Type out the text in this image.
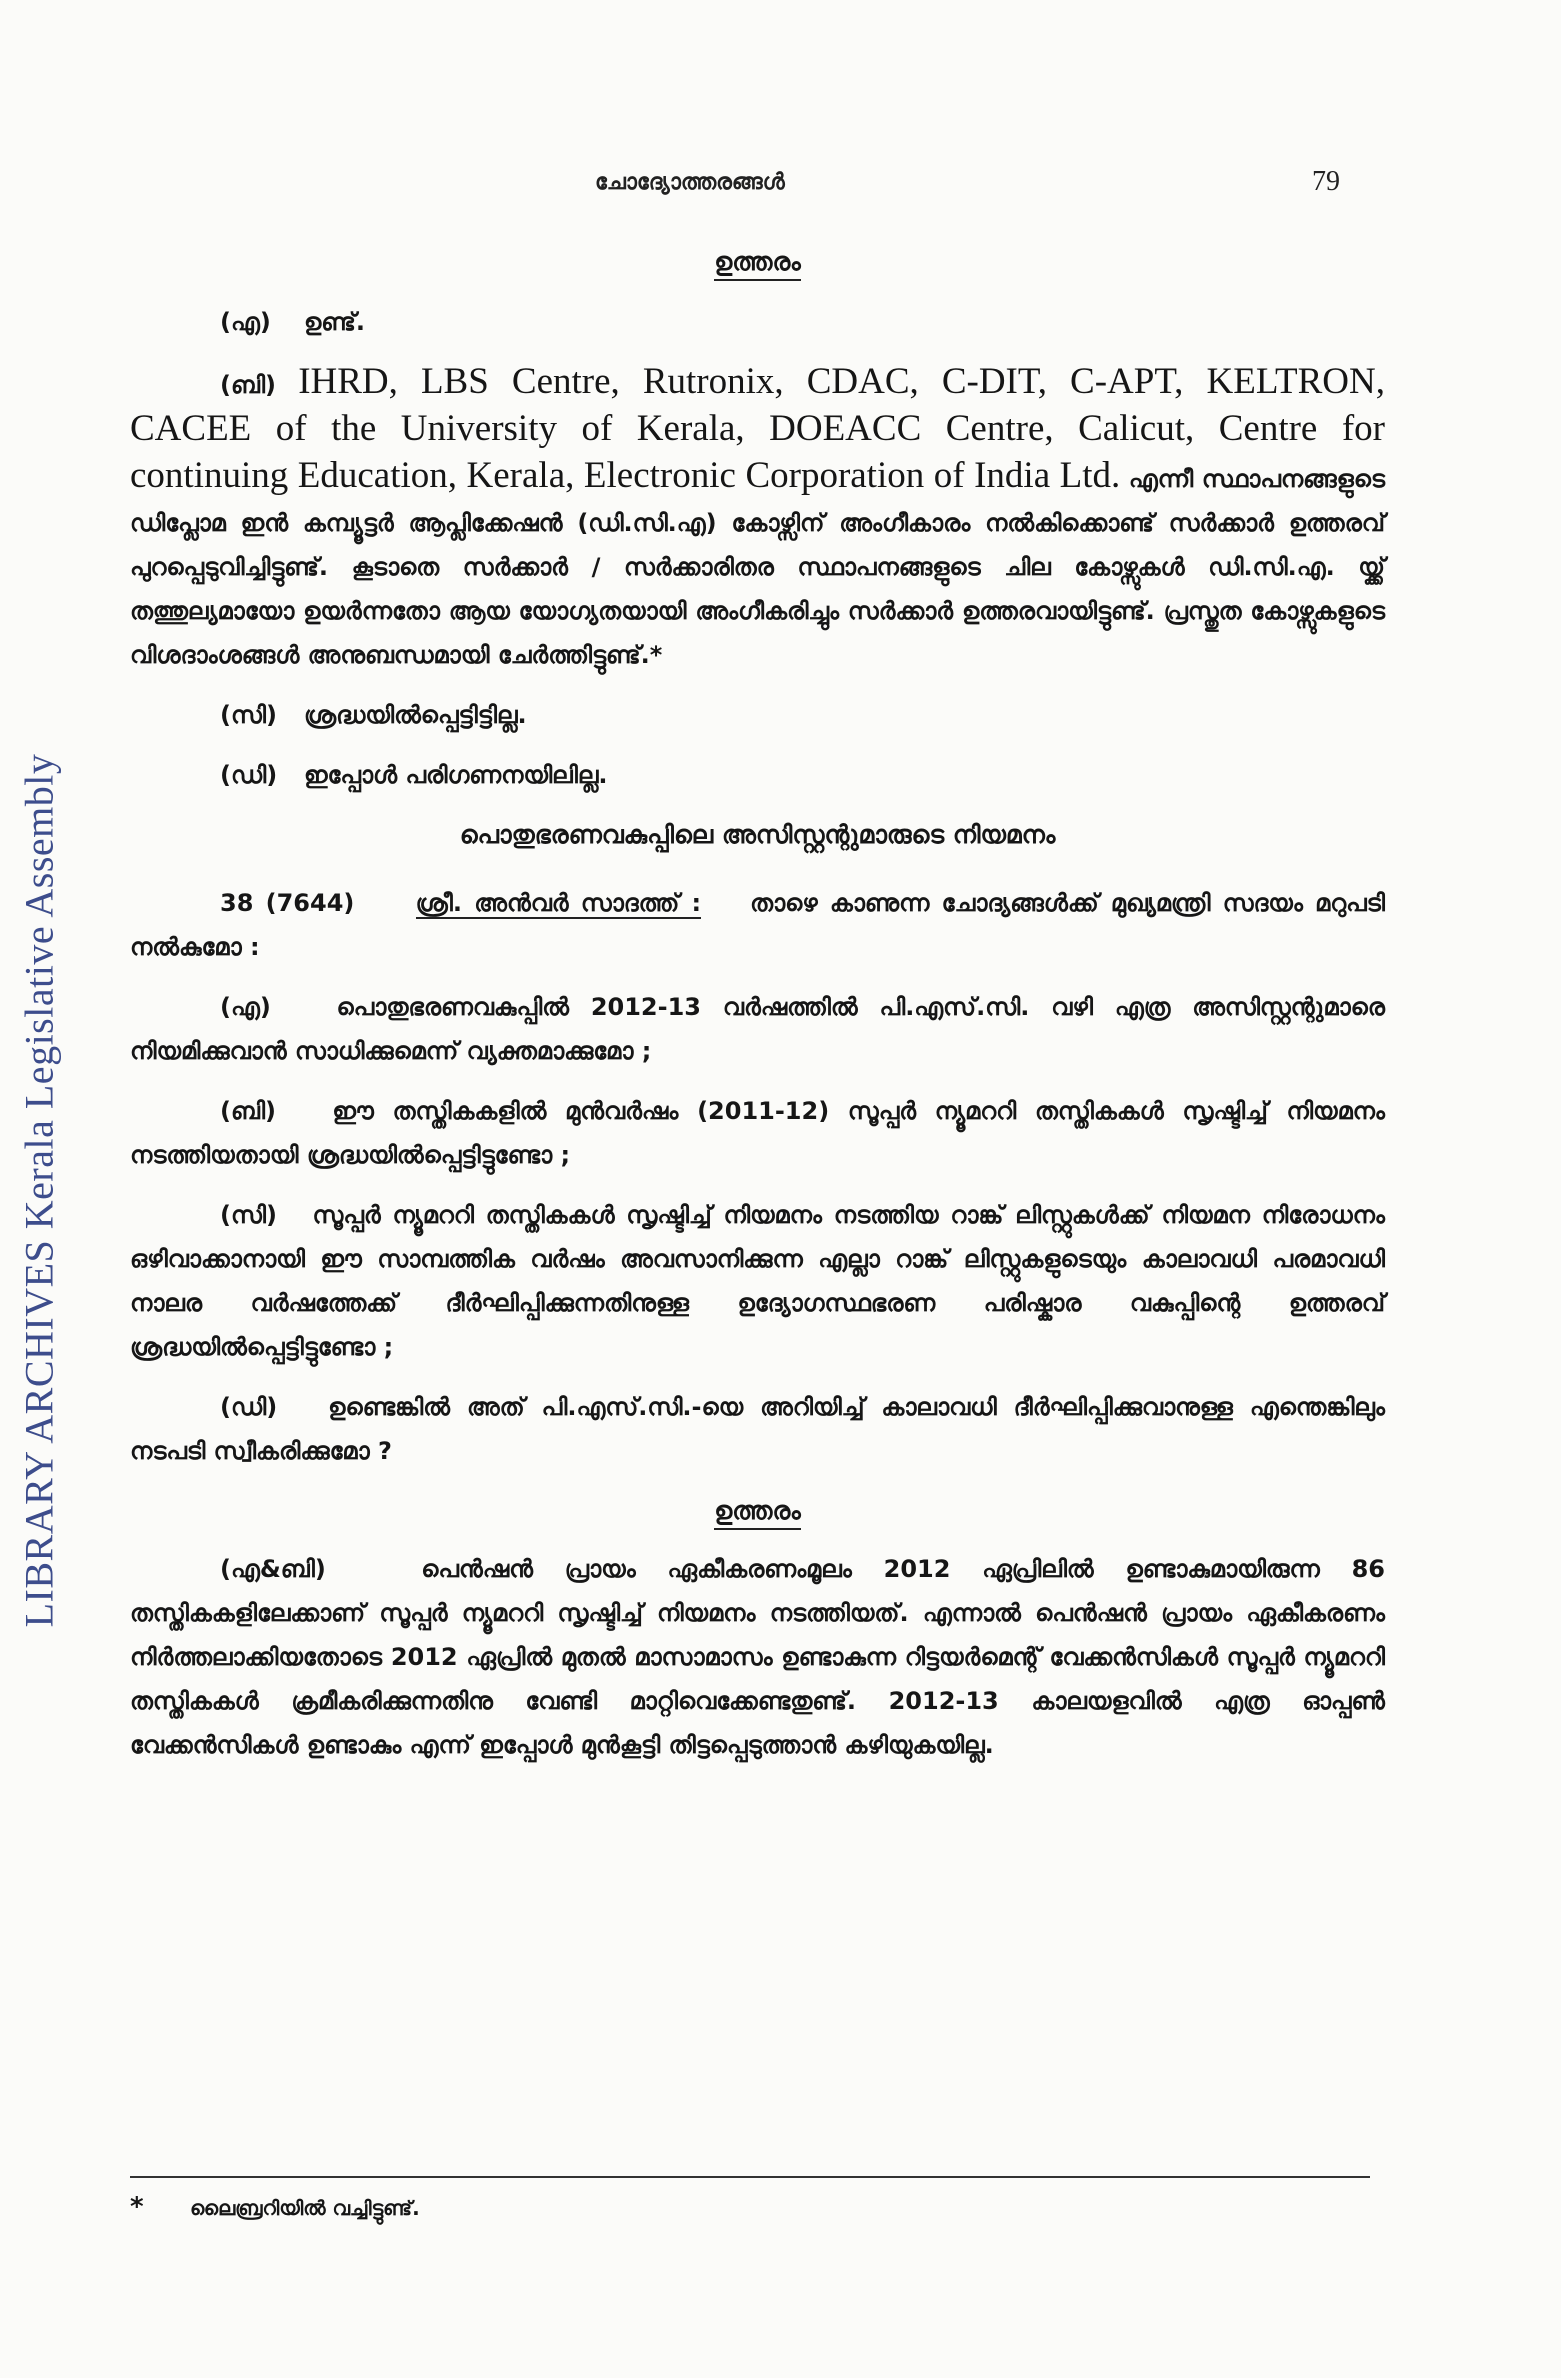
LIBRARY ARCHIVES Kerala Legislative Assembly
ചോദ്യോത്തരങ്ങൾ	79
ഉത്തരം
(എ) ഉണ്ട്.

(ബി) IHRD, LBS Centre, Rutronix, CDAC, C-DIT, C-APT, KELTRON, CACEE of the University of Kerala, DOEACC Centre, Calicut, Centre for continuing Education, Kerala, Electronic Corporation of India Ltd. എന്നീ സ്ഥാപനങ്ങളുടെ ഡിപ്ലോമ ഇൻ കമ്പ്യൂട്ടർ ആപ്ലിക്കേഷൻ (ഡി.സി.എ) കോഴ്സിന് അംഗീകാരം നൽകിക്കൊണ്ട് സർക്കാർ ഉത്തരവ് പുറപ്പെടുവിച്ചിട്ടുണ്ട്. കൂടാതെ സർക്കാർ / സർക്കാരിതര സ്ഥാപനങ്ങളുടെ ചില കോഴ്സുകൾ ഡി.സി.എ. യ്ക്ക് തത്തുല്യമായോ ഉയർന്നതോ ആയ യോഗ്യതയായി അംഗീകരിച്ചും സർക്കാർ ഉത്തരവായിട്ടുണ്ട്. പ്രസ്തുത കോഴ്സുകളുടെ വിശദാംശങ്ങൾ അനുബന്ധമായി ചേർത്തിട്ടുണ്ട്.*

(സി) ശ്രദ്ധയിൽപ്പെട്ടിട്ടില്ല.
(ഡി) ഇപ്പോൾ പരിഗണനയിലില്ല.
പൊതുഭരണവകുപ്പിലെ അസിസ്റ്റന്റുമാരുടെ നിയമനം

38 (7644)	ശ്രീ. അൻവർ സാദത്ത് : താഴെ കാണുന്ന ചോദ്യങ്ങൾക്ക് മുഖ്യമന്ത്രി സദയം മറുപടി നൽകുമോ :

(എ)	പൊതുഭരണവകുപ്പിൽ 2012-13 വർഷത്തിൽ പി.എസ്.സി. വഴി എത്ര അസിസ്റ്റന്റുമാരെ നിയമിക്കുവാൻ സാധിക്കുമെന്ന് വ്യക്തമാക്കുമോ ;

(ബി) ഈ തസ്തികകളിൽ മുൻവർഷം (2011-12) സൂപ്പർ ന്യൂമററി തസ്തികകൾ സൃഷ്ടിച്ച് നിയമനം നടത്തിയതായി ശ്രദ്ധയിൽപ്പെട്ടിട്ടുണ്ടോ ;

(സി) സൂപ്പർ ന്യൂമററി തസ്തികകൾ സൃഷ്ടിച്ച് നിയമനം നടത്തിയ റാങ്ക് ലിസ്റ്റുകൾക്ക് നിയമന നിരോധനം ഒഴിവാക്കാനായി ഈ സാമ്പത്തിക വർഷം അവസാനിക്കുന്ന എല്ലാ റാങ്ക് ലിസ്റ്റുകളുടെയും കാലാവധി പരമാവധി നാലര വർഷത്തേക്ക് ദീർഘിപ്പിക്കുന്നതിനുള്ള ഉദ്യോഗസ്ഥഭരണ പരിഷ്കാര വകുപ്പിന്റെ ഉത്തരവ് ശ്രദ്ധയിൽപ്പെട്ടിട്ടുണ്ടോ ;

(ഡി) ഉണ്ടെങ്കിൽ അത് പി.എസ്.സി.-യെ അറിയിച്ച് കാലാവധി ദീർഘിപ്പിക്കുവാനുള്ള എന്തെങ്കിലും നടപടി സ്വീകരിക്കുമോ ?

ഉത്തരം

(എ&ബി)	പെൻഷൻ പ്രായം ഏകീകരണംമൂലം 2012 ഏപ്രിലിൽ ഉണ്ടാകുമായിരുന്ന 86 തസ്തികകളിലേക്കാണ് സൂപ്പർ ന്യൂമററി സൃഷ്ടിച്ച് നിയമനം നടത്തിയത്. എന്നാൽ പെൻഷൻ പ്രായം ഏകീകരണം നിർത്തലാക്കിയതോടെ 2012 ഏപ്രിൽ മുതൽ മാസാമാസം ഉണ്ടാകുന്ന റിട്ടയർമെന്റ് വേക്കൻസികൾ സൂപ്പർ ന്യൂമററി തസ്തികകൾ ക്രമീകരിക്കുന്നതിനു വേണ്ടി മാറ്റിവെക്കേണ്ടതുണ്ട്. 2012-13 കാലയളവിൽ എത്ര ഓപ്പൺ വേക്കൻസികൾ ഉണ്ടാകും എന്ന് ഇപ്പോൾ മുൻകൂട്ടി തിട്ടപ്പെടുത്താൻ കഴിയുകയില്ല.

* ലൈബ്രറിയിൽ വച്ചിട്ടുണ്ട്.
